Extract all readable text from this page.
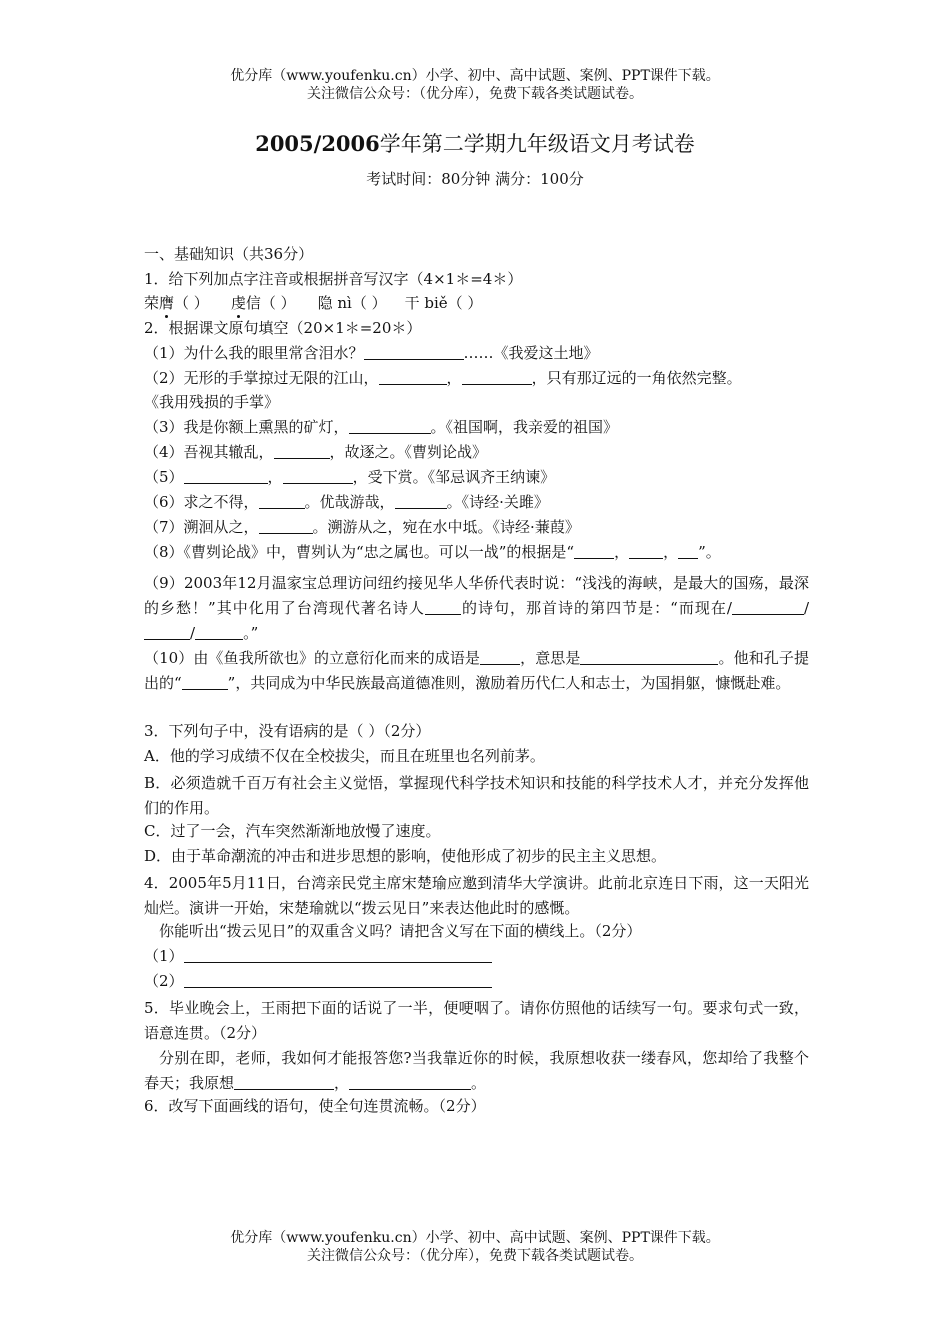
优分库（www.youfenku.cn）小学、初中、高中试题、案例、PPT课件下载。
关注微信公众号：（优分库），免费下载各类试题试卷。
2005/2006学年第二学期九年级语文月考试卷
考试时间：80分钟 满分：100分
一、基础知识（共36分）
1．给下列加点字注音或根据拼音写汉字（4×1＊=4＊）
荣膺（ ） 虔信（ ） 隐 nì（ ） 干 biě（ ）
2．根据课文原句填空（20×1＊=20＊）
（1）为什么我的眼里常含泪水？	……《我爱这土地》
（2）无形的手掌掠过无限的江山，	，	，只有那辽远的一角依然完整。
《我用残损的手掌》
（3）我是你额上熏黑的矿灯，	。《祖国啊，我亲爱的祖国》
（4）吾视其辙乱，	，故逐之。《曹刿论战》
（5）	，	，受下赏。《邹忌讽齐王纳谏》
（6）求之不得，	。优哉游哉，	。《诗经·关雎》
（7）溯洄从之，	。溯游从之，宛在水中坻。《诗经·蒹葭》
（8）《曹刿论战》中，曹刿认为“忠之属也。可以一战”的根据是“	， ， ”。
（9）2003年12月温家宝总理访问纽约接见华人华侨代表时说：“浅浅的海峡，是最大的国殇，最深的乡愁！”其中化用了台湾现代著名诗人 的诗句，那首诗的第四节是：“而现在/	//	。”
（10）由《鱼我所欲也》的立意衍化而来的成语是	，意思是	。他和孔子提出的“	”，共同成为中华民族最高道德准则，激励着历代仁人和志士，为国捐躯，慷慨赴难。
3．下列句子中，没有语病的是（ ）（2分）
A．他的学习成绩不仅在全校拔尖，而且在班里也名列前茅。
B．必须造就千百万有社会主义觉悟，掌握现代科学技术知识和技能的科学技术人才，并充分发挥他们的作用。
C．过了一会，汽车突然渐渐地放慢了速度。
D．由于革命潮流的冲击和进步思想的影响，使他形成了初步的民主主义思想。
4．2005年5月11日，台湾亲民党主席宋楚瑜应邀到清华大学演讲。此前北京连日下雨，这一天阳光灿烂。演讲一开始，宋楚瑜就以“拨云见日”来表达他此时的感慨。
你能听出“拨云见日”的双重含义吗？请把含义写在下面的横线上。（2分）
（1）
（2）
5．毕业晚会上，王雨把下面的话说了一半，便哽咽了。请你仿照他的话续写一句。要求句式一致，语意连贯。（2分）
分别在即，老师，我如何才能报答您?当我靠近你的时候，我原想收获一缕春风，您却给了我整个春天；我原想	，	。
6．改写下面画线的语句，使全句连贯流畅。（2分）
优分库（www.youfenku.cn）小学、初中、高中试题、案例、PPT课件下载。
关注微信公众号：（优分库），免费下载各类试题试卷。
